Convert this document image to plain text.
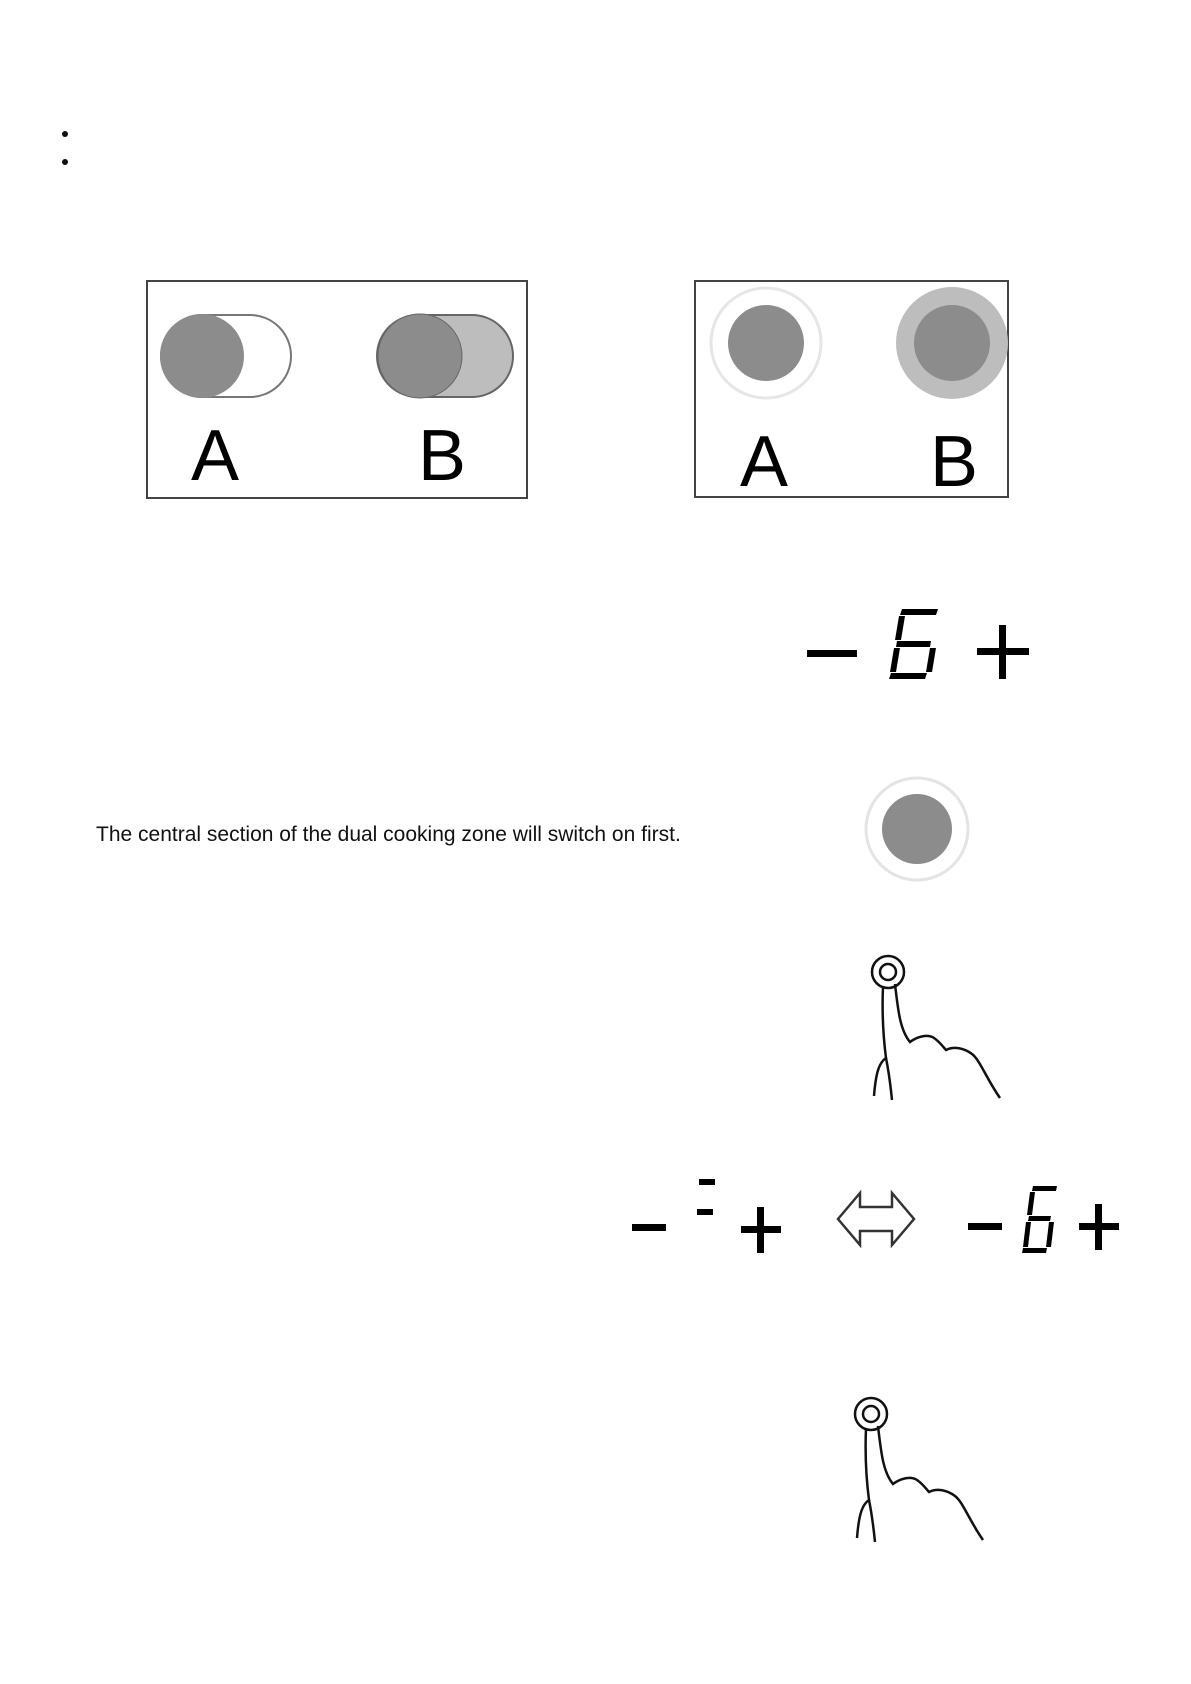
A B	A B
The central section of the dual cooking zone will switch on first.
